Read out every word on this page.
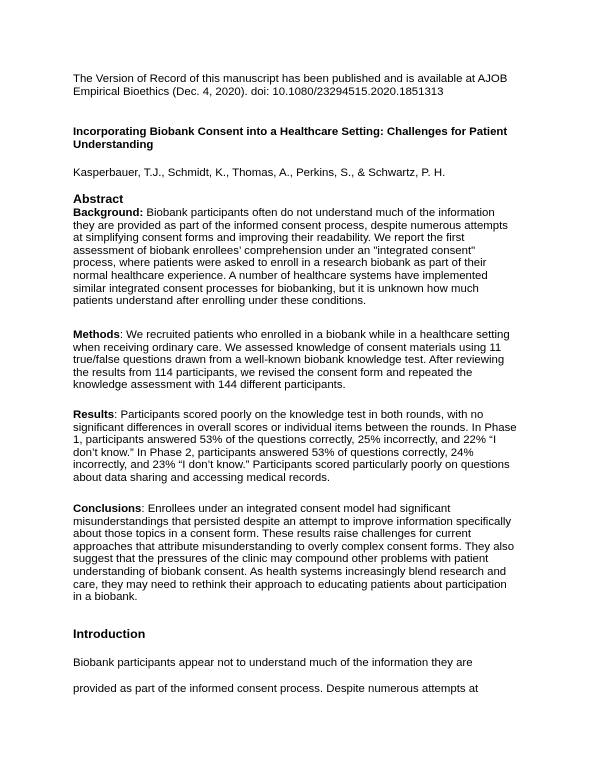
The Version of Record of this manuscript has been published and is available at AJOB

Empirical Bioethics (Dec. 4, 2020). doi: 10.1080/23294515.2020.1851313

Incorporating Biobank Consent into a Healthcare Setting: Challenges for Patient

Understanding

Kasperbauer, T.J., Schmidt, K., Thomas, A., Perkins, S., & Schwartz, P. H.
Abstract

Background: Biobank participants often do not understand much of the information

they are provided as part of the informed consent process, despite numerous attempts

at simplifying consent forms and improving their readability. We report the first

assessment of biobank enrollees’ comprehension under an "integrated consent"

process, where patients were asked to enroll in a research biobank as part of their

normal healthcare experience. A number of healthcare systems have implemented

similar integrated consent processes for biobanking, but it is unknown how much

patients understand after enrolling under these conditions.

Methods: We recruited patients who enrolled in a biobank while in a healthcare setting

when receiving ordinary care. We assessed knowledge of consent materials using 11

true/false questions drawn from a well-known biobank knowledge test. After reviewing

the results from 114 participants, we revised the consent form and repeated the

knowledge assessment with 144 different participants.

Results: Participants scored poorly on the knowledge test in both rounds, with no

significant differences in overall scores or individual items between the rounds. In Phase

1, participants answered 53% of the questions correctly, 25% incorrectly, and 22% “I

don’t know.” In Phase 2, participants answered 53% of questions correctly, 24%

incorrectly, and 23% “I don’t know.” Participants scored particularly poorly on questions

about data sharing and accessing medical records.

Conclusions: Enrollees under an integrated consent model had significant

misunderstandings that persisted despite an attempt to improve information specifically

about those topics in a consent form. These results raise challenges for current

approaches that attribute misunderstanding to overly complex consent forms. They also

suggest that the pressures of the clinic may compound other problems with patient

understanding of biobank consent. As health systems increasingly blend research and

care, they may need to rethink their approach to educating patients about participation

in a biobank.

Introduction
Biobank participants appear not to understand much of the information they are
provided as part of the informed consent process. Despite numerous attempts at
